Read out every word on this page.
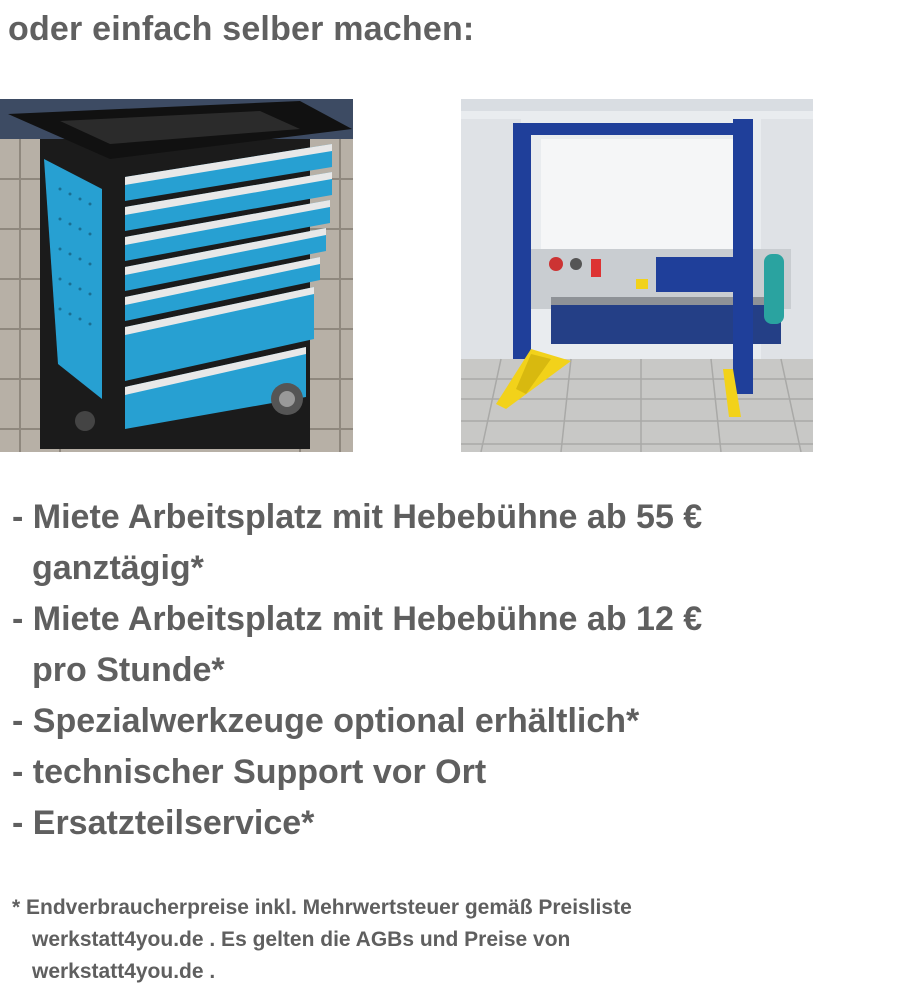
oder einfach selber machen:
- Miete Arbeitsplatz mit Hebebühne ab 55 €
ganztägig*
- Miete Arbeitsplatz mit Hebebühne ab 12 €
pro Stunde*
- Spezialwerkzeuge optional erhältlich*
- technischer Support vor Ort
- Ersatzteilservice*
* Endverbraucherpreise inkl. Mehrwertsteuer gemäß Preisliste
werkstatt4you.de . Es gelten die AGBs und Preise von
werkstatt4you.de .
